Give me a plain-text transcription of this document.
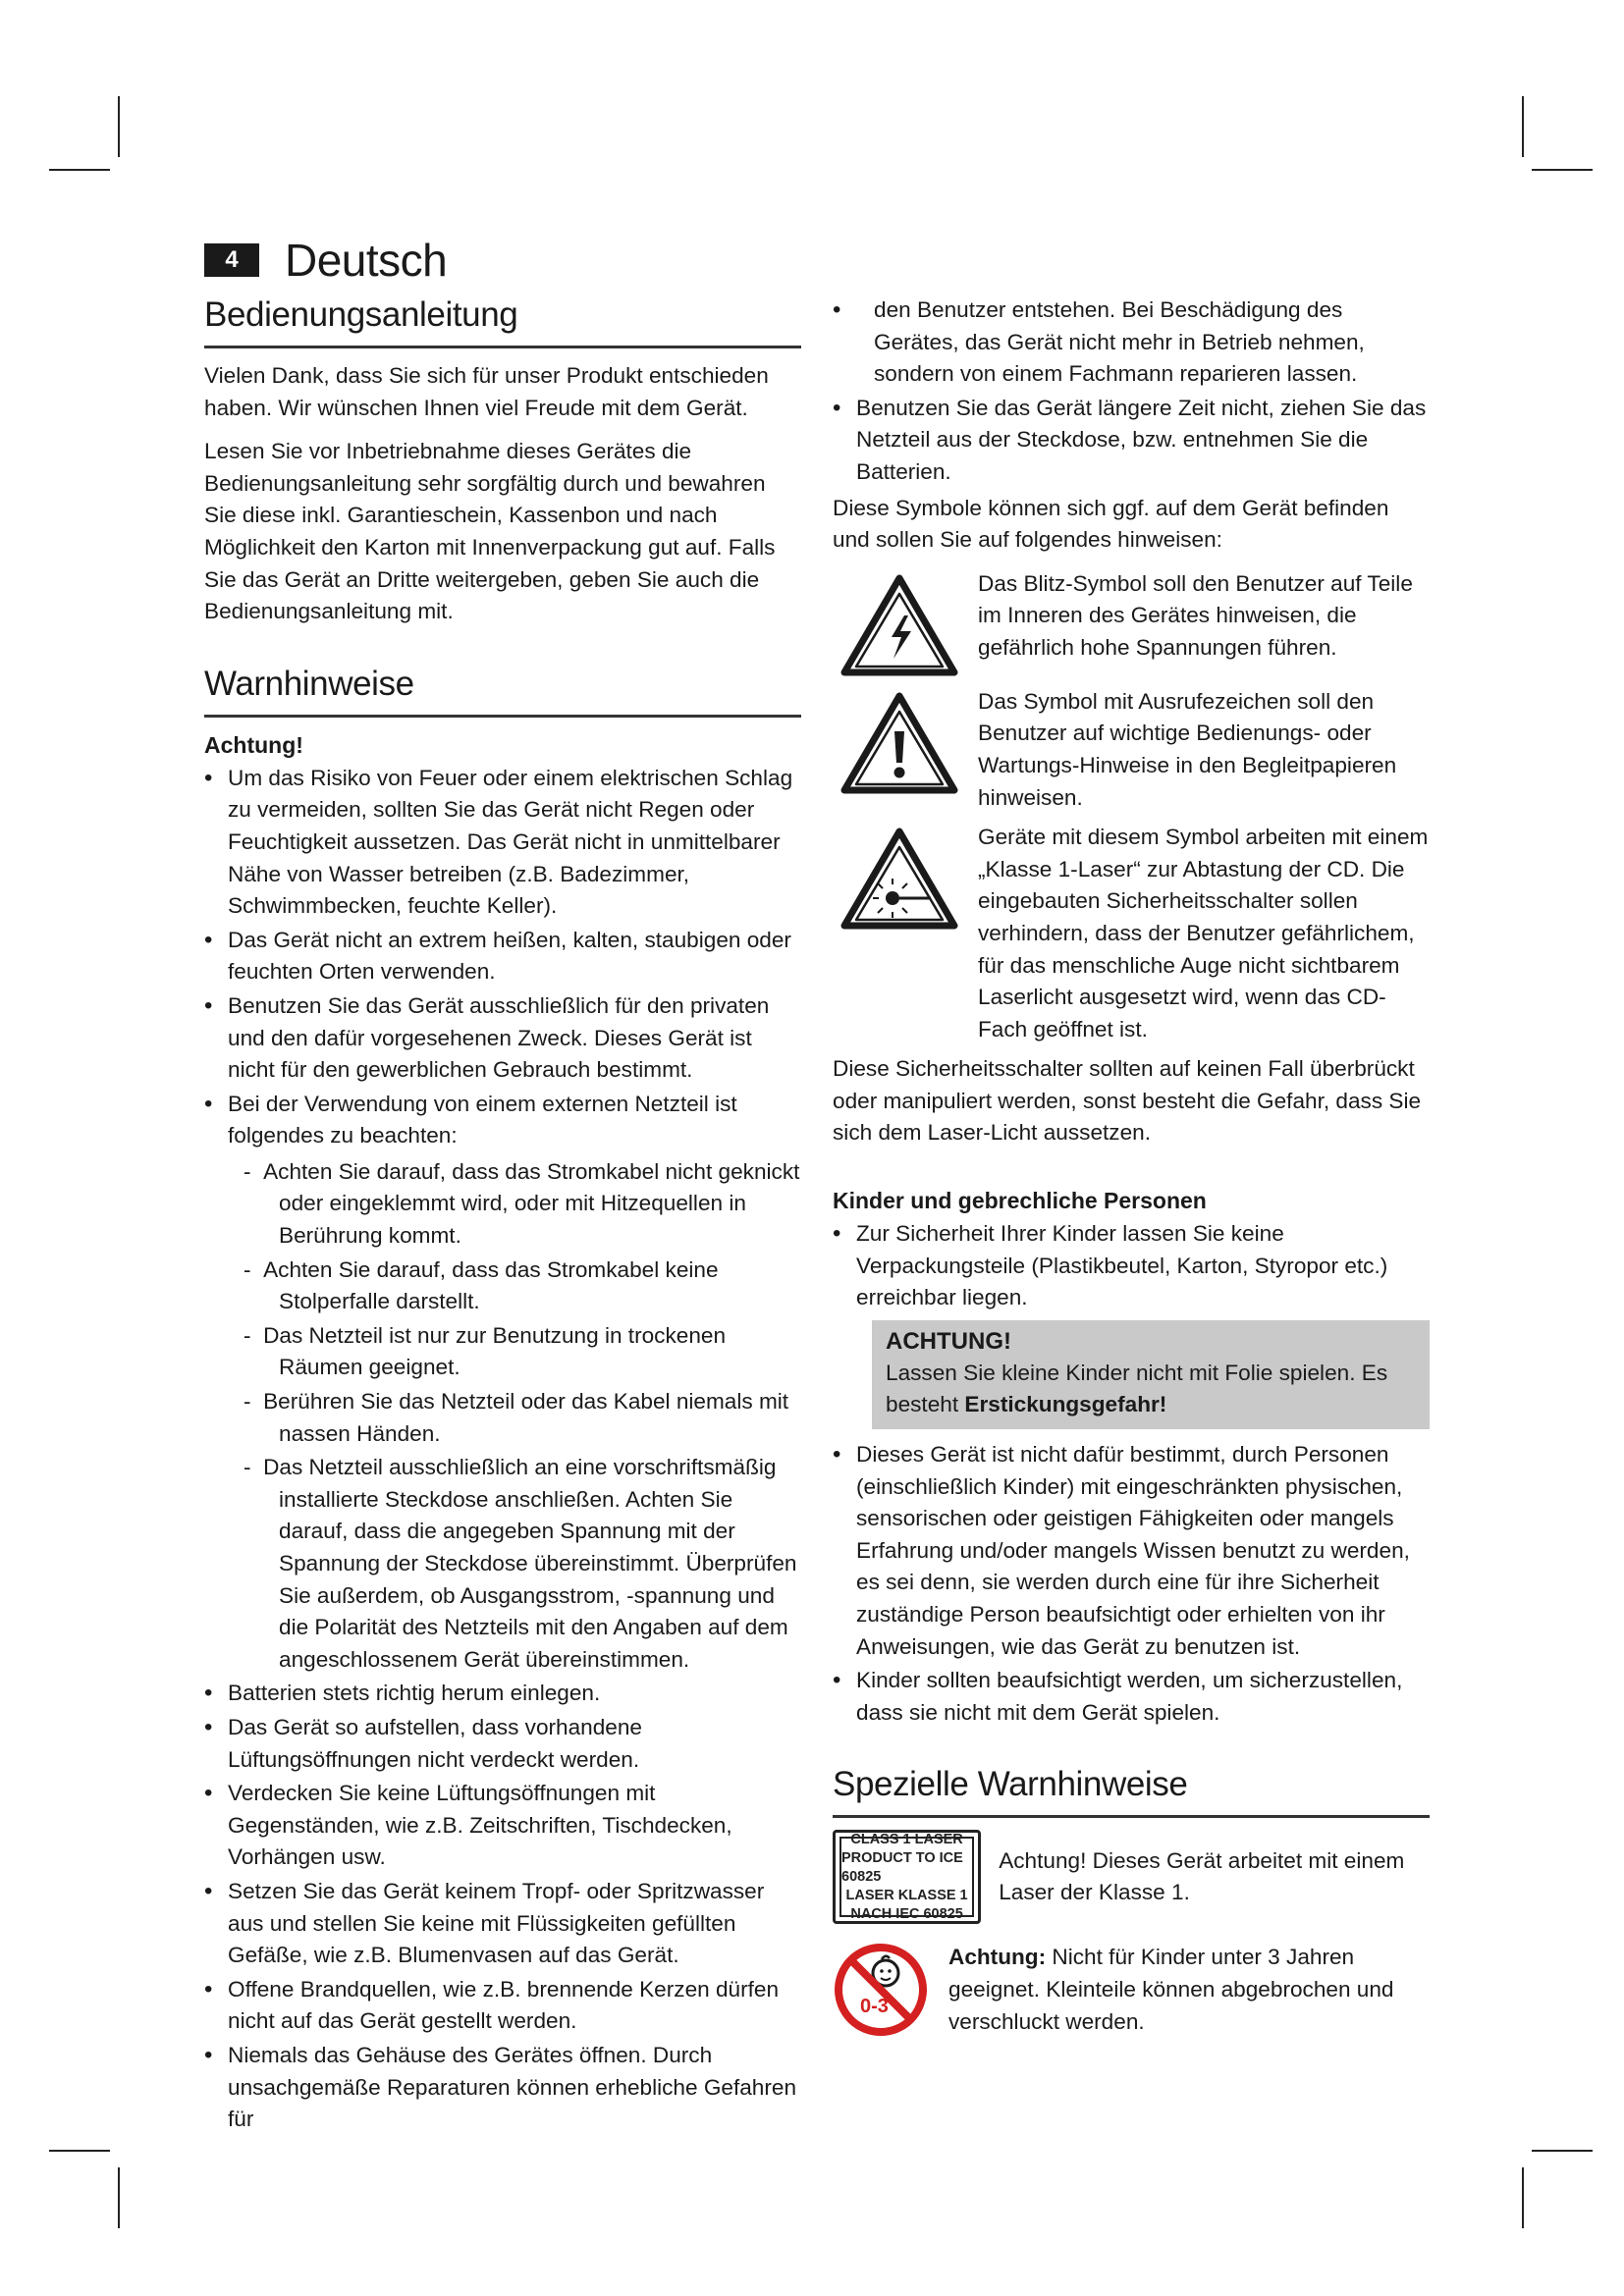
4	Deutsch
Bedienungsanleitung

Vielen Dank, dass Sie sich für unser Produkt entschieden haben. Wir wünschen Ihnen viel Freude mit dem Gerät.

Lesen Sie vor Inbetriebnahme dieses Gerätes die Bedienungsanleitung sehr sorgfältig durch und bewahren Sie diese inkl. Garantieschein, Kassenbon und nach Möglichkeit den Karton mit Innenverpackung gut auf. Falls Sie das Gerät an Dritte weitergeben, geben Sie auch die Bedienungsanleitung mit.

Warnhinweise
Achtung!
• Um das Risiko von Feuer oder einem elektrischen Schlag zu vermeiden, sollten Sie das Gerät nicht Regen oder Feuchtigkeit aussetzen. Das Gerät nicht in unmittelbarer Nähe von Wasser betreiben (z.B. Badezimmer, Schwimmbecken, feuchte Keller).
• Das Gerät nicht an extrem heißen, kalten, staubigen oder feuchten Orten verwenden.
• Benutzen Sie das Gerät ausschließlich für den privaten und den dafür vorgesehenen Zweck. Dieses Gerät ist nicht für den gewerblichen Gebrauch bestimmt.
• Bei der Verwendung von einem externen Netzteil ist folgendes zu beachten:
-  Achten Sie darauf, dass das Stromkabel nicht geknickt oder eingeklemmt wird, oder mit Hitzequellen in Berührung kommt.
-  Achten Sie darauf, dass das Stromkabel keine Stolperfalle darstellt.
-  Das Netzteil ist nur zur Benutzung in trockenen Räumen geeignet.
-  Berühren Sie das Netzteil oder das Kabel niemals mit nassen Händen.
-  Das Netzteil ausschließlich an eine vorschriftsmäßig installierte Steckdose anschließen. Achten Sie darauf, dass die angegeben Spannung mit der Spannung der Steckdose übereinstimmt. Überprüfen Sie außerdem, ob Ausgangsstrom, -spannung und die Polarität des Netzteils mit den Angaben auf dem angeschlossenem Gerät übereinstimmen.
• Batterien stets richtig herum einlegen.
• Das Gerät so aufstellen, dass vorhandene Lüftungsöffnungen nicht verdeckt werden.
• Verdecken Sie keine Lüftungsöffnungen mit Gegenständen, wie z.B. Zeitschriften, Tischdecken, Vorhängen usw.
• Setzen Sie das Gerät keinem Tropf- oder Spritzwasser aus und stellen Sie keine mit Flüssigkeiten gefüllten Gefäße, wie z.B. Blumenvasen auf das Gerät.
• Offene Brandquellen, wie z.B. brennende Kerzen dürfen nicht auf das Gerät gestellt werden.
• Niemals das Gehäuse des Gerätes öffnen. Durch unsachgemäße Reparaturen können erhebliche Gefahren für
• den Benutzer entstehen. Bei Beschädigung des Gerätes, das Gerät nicht mehr in Betrieb nehmen, sondern von einem Fachmann reparieren lassen.
• Benutzen Sie das Gerät längere Zeit nicht, ziehen Sie das Netzteil aus der Steckdose, bzw. entnehmen Sie die Batterien.

Diese Symbole können sich ggf. auf dem Gerät befinden und sollen Sie auf folgendes hinweisen:

Das Blitz-Symbol soll den Benutzer auf Teile im Inneren des Gerätes hinweisen, die gefährlich hohe Spannungen führen.
Das Symbol mit Ausrufezeichen soll den Benutzer auf wichtige Bedienungs- oder Wartungs-Hinweise in den Begleitpapieren hinweisen.
Geräte mit diesem Symbol arbeiten mit einem „Klasse 1-Laser“ zur Abtastung der CD. Die eingebauten Sicherheitsschalter sollen verhindern, dass der Benutzer gefährlichem, für das menschliche Auge nicht sichtbarem Laserlicht ausgesetzt wird, wenn das CD-Fach geöffnet ist.

Diese Sicherheitsschalter sollten auf keinen Fall überbrückt oder manipuliert werden, sonst besteht die Gefahr, dass Sie sich dem Laser-Licht aussetzen.

Kinder und gebrechliche Personen
• Zur Sicherheit Ihrer Kinder lassen Sie keine Verpackungsteile (Plastikbeutel, Karton, Styropor etc.) erreichbar liegen.
ACHTUNG!
Lassen Sie kleine Kinder nicht mit Folie spielen. Es besteht Erstickungsgefahr!
• Dieses Gerät ist nicht dafür bestimmt, durch Personen (einschließlich Kinder) mit eingeschränkten physischen, sensorischen oder geistigen Fähigkeiten oder mangels Erfahrung und/oder mangels Wissen benutzt zu werden, es sei denn, sie werden durch eine für ihre Sicherheit zuständige Person beaufsichtigt oder erhielten von ihr Anweisungen, wie das Gerät zu benutzen ist.
• Kinder sollten beaufsichtigt werden, um sicherzustellen, dass sie nicht mit dem Gerät spielen.
Spezielle Warnhinweise
CLASS 1 LASER
PRODUCT TO ICE 60825
LASER KLASSE 1
NACH IEC 60825
Achtung! Dieses Gerät arbeitet mit einem Laser der Klasse 1.
0-3
Achtung: Nicht für Kinder unter 3 Jahren geeignet. Kleinteile können abgebrochen und verschluckt werden.
